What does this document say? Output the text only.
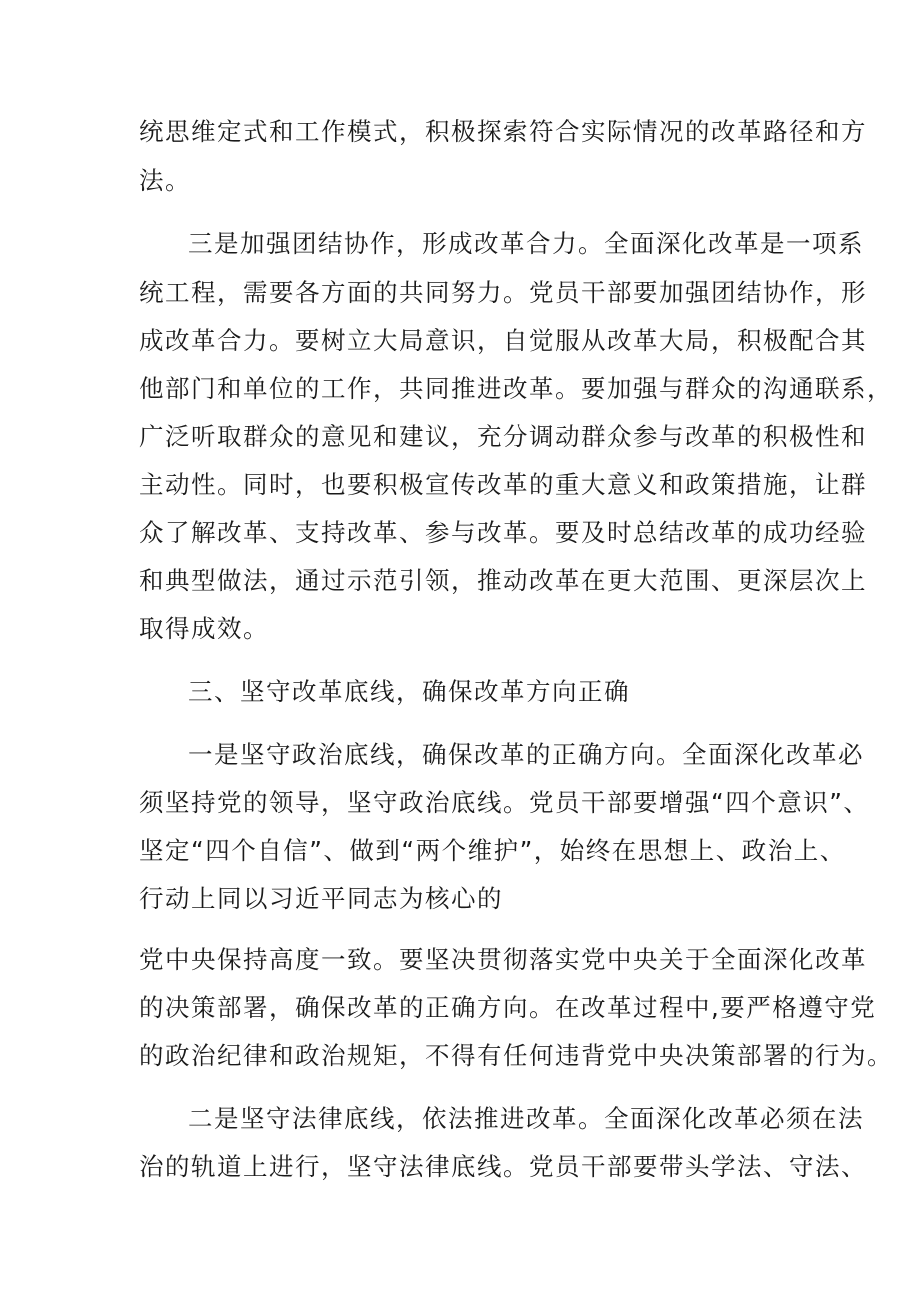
统思维定式和工作模式，积极探索符合实际情况的改革路径和方
法。
三是加强团结协作，形成改革合力。全面深化改革是一项系
统工程，需要各方面的共同努力。党员干部要加强团结协作，形
成改革合力。要树立大局意识，自觉服从改革大局，积极配合其
他部门和单位的工作，共同推进改革。要加强与群众的沟通联系，
广泛听取群众的意见和建议，充分调动群众参与改革的积极性和
主动性。同时，也要积极宣传改革的重大意义和政策措施，让群
众了解改革、支持改革、参与改革。要及时总结改革的成功经验
和典型做法，通过示范引领，推动改革在更大范围、更深层次上
取得成效。
三、坚守改革底线，确保改革方向正确
一是坚守政治底线，确保改革的正确方向。全面深化改革必
须坚持党的领导，坚守政治底线。党员干部要增强“四个意识”、
坚定“四个自信”、做到“两个维护”，始终在思想上、政治上、
行动上同以习近平同志为核心的
党中央保持高度一致。要坚决贯彻落实党中央关于全面深化改革
的决策部署，确保改革的正确方向。在改革过程中,要严格遵守党
的政治纪律和政治规矩，不得有任何违背党中央决策部署的行为。
二是坚守法律底线，依法推进改革。全面深化改革必须在法
治的轨道上进行，坚守法律底线。党员干部要带头学法、守法、
